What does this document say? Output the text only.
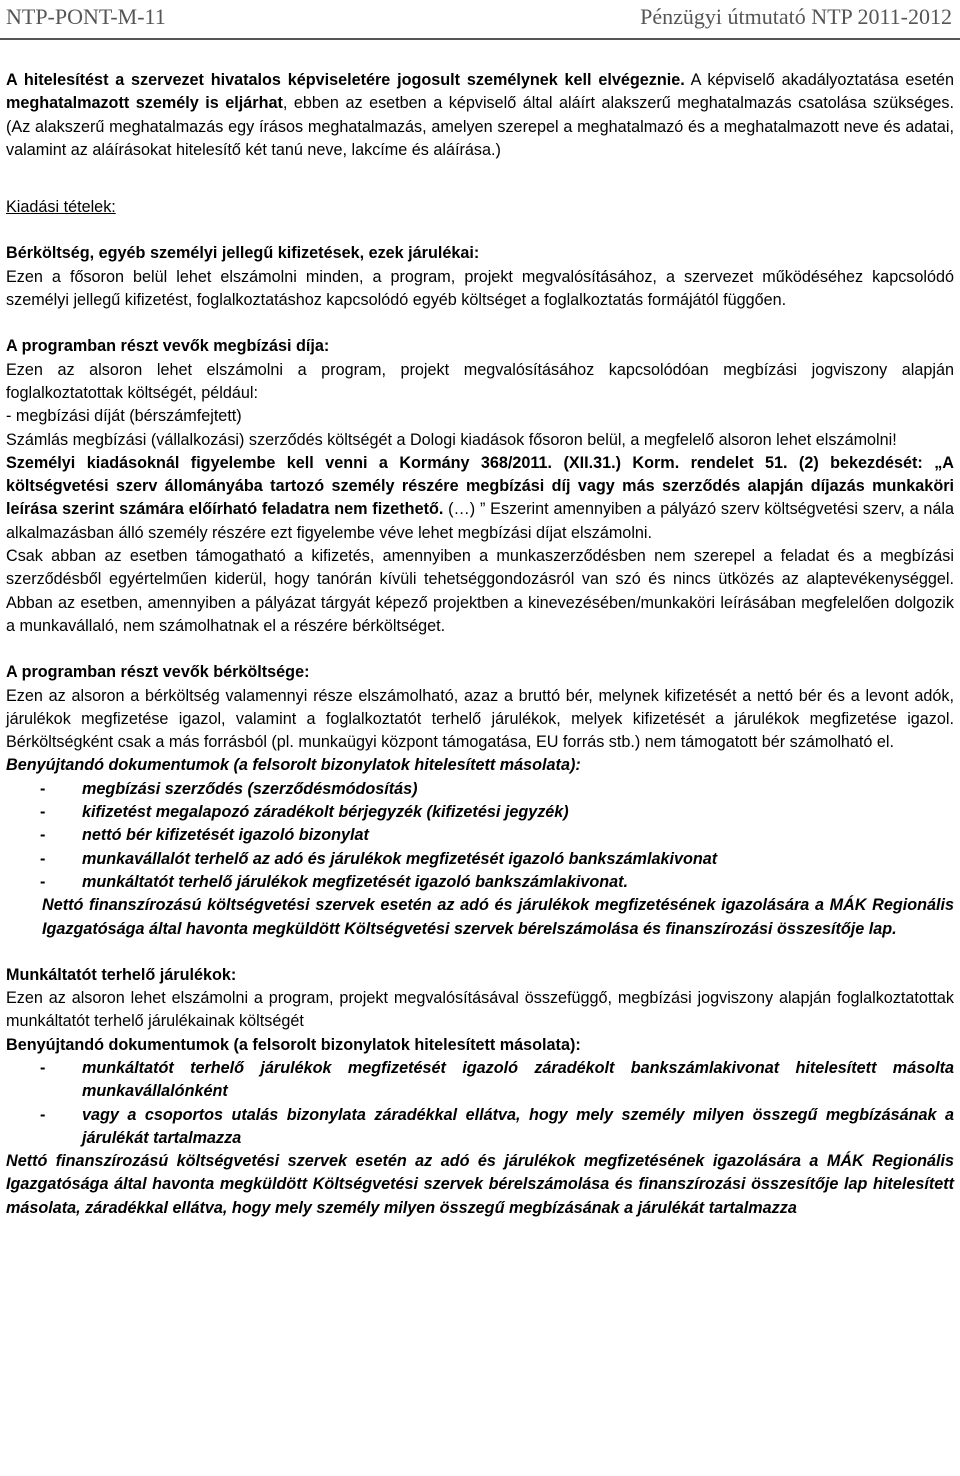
NTP-PONT-M-11	Pénzügyi útmutató NTP 2011-2012

A hitelesítést a szervezet hivatalos képviseletére jogosult személynek kell elvégeznie. A képviselő akadályoztatása esetén meghatalmazott személy is eljárhat, ebben az esetben a képviselő által aláírt alakszerű meghatalmazás csatolása szükséges. (Az alakszerű meghatalmazás egy írásos meghatalmazás, amelyen szerepel a meghatalmazó és a meghatalmazott neve és adatai, valamint az aláírásokat hitelesítő két tanú neve, lakcíme és aláírása.)

Kiadási tételek:

Bérköltség, egyéb személyi jellegű kifizetések, ezek járulékai:

Ezen a fősoron belül lehet elszámolni minden, a program, projekt megvalósításához, a szervezet működéséhez kapcsolódó személyi jellegű kifizetést, foglalkoztatáshoz kapcsolódó egyéb költséget a foglalkoztatás formájától függően.

A programban részt vevők megbízási díja:

Ezen az alsoron lehet elszámolni a program, projekt megvalósításához kapcsolódóan megbízási jogviszony alapján foglalkoztatottak költségét, például:

- megbízási díját (bérszámfejtett)

Számlás megbízási (vállalkozási) szerződés költségét a Dologi kiadások fősoron belül, a megfelelő alsoron lehet elszámolni!

Személyi kiadásoknál figyelembe kell venni a Kormány 368/2011. (XII.31.) Korm. rendelet 51. (2) bekezdését: „A költségvetési szerv állományába tartozó személy részére megbízási díj vagy más szerződés alapján díjazás munkaköri leírása szerint számára előírható feladatra nem fizethető. (…) ” Eszerint amennyiben a pályázó szerv költségvetési szerv, a nála alkalmazásban álló személy részére ezt figyelembe véve lehet megbízási díjat elszámolni.

Csak abban az esetben támogatható a kifizetés, amennyiben a munkaszerződésben nem szerepel a feladat és a megbízási szerződésből egyértelműen kiderül, hogy tanórán kívüli tehetséggondozásról van szó és nincs ütközés az alaptevékenységgel. Abban az esetben, amennyiben a pályázat tárgyát képező projektben a kinevezésében/munkaköri leírásában megfelelően dolgozik a munkavállaló, nem számolhatnak el a részére bérköltséget.

A programban részt vevők bérköltsége:

Ezen az alsoron a bérköltség valamennyi része elszámolható, azaz a bruttó bér, melynek kifizetését a nettó bér és a levont adók, járulékok megfizetése igazol, valamint a foglalkoztatót terhelő járulékok, melyek kifizetését a járulékok megfizetése igazol. Bérköltségként csak a más forrásból (pl. munkaügyi központ támogatása, EU forrás stb.) nem támogatott bér számolható el.

Benyújtandó dokumentumok (a felsorolt bizonylatok hitelesített másolata):

- megbízási szerződés (szerződésmódosítás)
- kifizetést megalapozó záradékolt bérjegyzék (kifizetési jegyzék)
- nettó bér kifizetését igazoló bizonylat
- munkavállalót terhelő az adó és járulékok megfizetését igazoló bankszámlakivonat
- munkáltatót terhelő járulékok megfizetését igazoló bankszámlakivonat.

Nettó finanszírozású költségvetési szervek esetén az adó és járulékok megfizetésének igazolására a MÁK Regionális Igazgatósága által havonta megküldött Költségvetési szervek bérelszámolása és finanszírozási összesítője lap.

Munkáltatót terhelő járulékok:

Ezen az alsoron lehet elszámolni a program, projekt megvalósításával összefüggő, megbízási jogviszony alapján foglalkoztatottak munkáltatót terhelő járulékainak költségét

Benyújtandó dokumentumok (a felsorolt bizonylatok hitelesített másolata):

- munkáltatót terhelő járulékok megfizetését igazoló záradékolt bankszámlakivonat hitelesített másolta munkavállalónként
- vagy a csoportos utalás bizonylata záradékkal ellátva, hogy mely személy milyen összegű megbízásának a járulékát tartalmazza

Nettó finanszírozású költségvetési szervek esetén az adó és járulékok megfizetésének igazolására a MÁK Regionális Igazgatósága által havonta megküldött Költségvetési szervek bérelszámolása és finanszírozási összesítője lap hitelesített másolata, záradékkal ellátva, hogy mely személy milyen összegű megbízásának a járulékát tartalmazza
